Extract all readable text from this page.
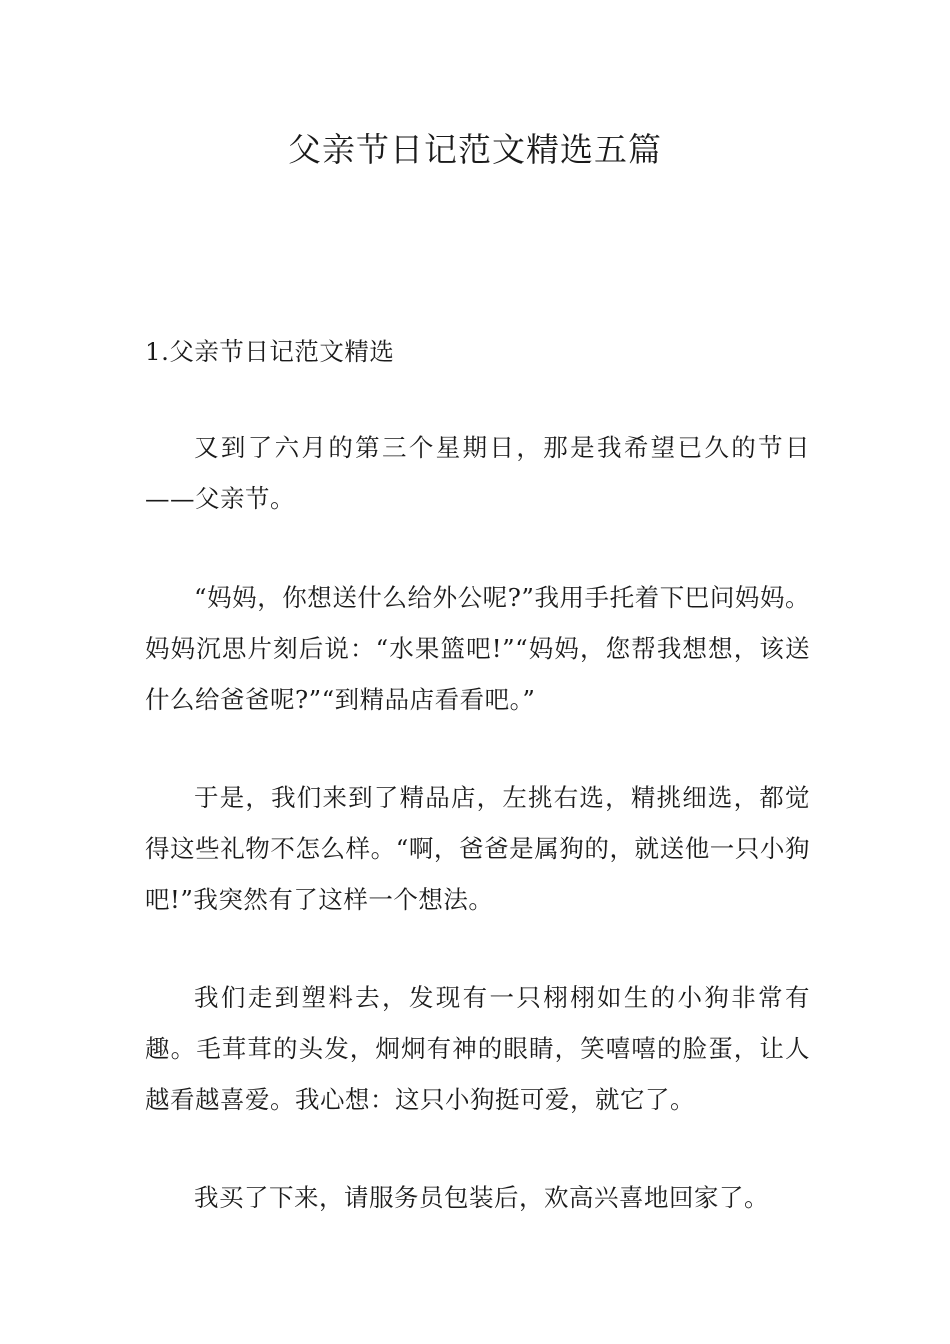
父亲节日记范文精选五篇

1.父亲节日记范文精选

又到了六月的第三个星期日，那是我希望已久的节日——父亲节。

“妈妈，你想送什么给外公呢?”我用手托着下巴问妈妈。妈妈沉思片刻后说：“水果篮吧!”“妈妈，您帮我想想，该送什么给爸爸呢?”“到精品店看看吧。”

于是，我们来到了精品店，左挑右选，精挑细选，都觉得这些礼物不怎么样。“啊，爸爸是属狗的，就送他一只小狗吧!”我突然有了这样一个想法。

我们走到塑料去，发现有一只栩栩如生的小狗非常有趣。毛茸茸的头发，炯炯有神的眼睛，笑嘻嘻的脸蛋，让人越看越喜爱。我心想：这只小狗挺可爱，就它了。

我买了下来，请服务员包装后，欢高兴喜地回家了。
